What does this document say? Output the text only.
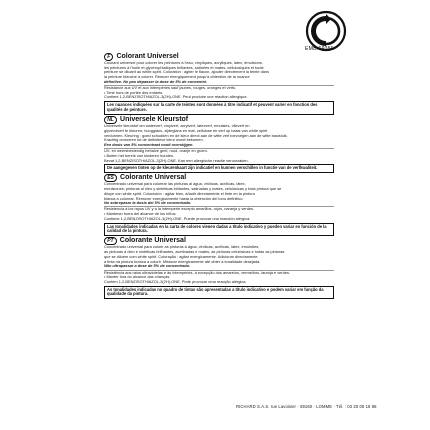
EMB.59355
F Colorant Universel

Colorant universel pour colorer les peintures à l'eau, vinyliques, acryliques, latex, émulsions,

les peintures à l'huile et glycérophtaliques brillantes, satinées et mates, cellulosiques et toute

peinture se diluant au white-spirit. Coloration : agiter le flacon, ajouter directement la teinte dans

la peinture blanche à colorer. Remuer énergiquement jusqu'à obtention de la nuance

définitive. Ne pas dépasser la dose de 5% de concentré.

Résistance aux UV et aux intempéries sauf jaunes, rouges, oranges et verts.

• Tenir hors de portée des enfants.

Contient 1,2-BENZISOTHIAZOL-3(2H)-ONE. Peut produire une réaction allergique.

Les nuances indiquées sur la carte de teintes sont données à titre indicatif et peuvent varier en fonction des qualités de peinture.
NL Universele Kleurstof

Universele kleurstof om waterverf, vinylverf, acrylverf, latexverf, emulsies, olieverf en

glycerolverf te kleuren; hoogglans, zijdeglans en mat, cellulose en verf op basis van white spirit

verdunnen. Kleuring : goed schudden en de kleur direct aan de witte verf toevoegen aan de witte basisluik.

Krachtig omroeren tot de definitieve kleur wordt bekomen.

Een dosis van 5% concentraat nooit overstijgen.

UV- en weersbestendig behalve geel, rood, oranje en groen.

• Buiten het bereik van kinderen houden.

Bevat 1,2-BENZISOTHIAZOL-3(2H)-ONE. Kan een allergische reactie veroorzaken.

De aangegeven tinten op de kleurenkaart zijn indicatief en kunnen verschillen in functie van de verfkwaliteit.
ES Colorante Universal

Concentrado universal para colorear las pinturas al agua, vinílicas, acrílicas, látex,

emulsiones; pinturas al óleo y sintéticas brillantes, satinadas y mates, celulósicas y toda pintura que se

diluye con white spirit. Coloración : agitar bien, añadir directamente el tinte en la pintura

blanca a colorear. Remover energicamente hasta la obtención del tono definitivo.

No sobrepasar la dosis del 5% de concentrado.

Resistencia a los rayos UV y a la intemperie excepto amarillos, rojos, naranja y verdes.

• Mantener fuera del alcance de los niños.

Contiene 1,2-BENZISOTHIAZOL-3(2H)-ONE. Puede provocar una reacción alérgica.

Las tonalidades indicadas en la carta de colores vienen dadas a título indicativo y pueden variar en función de la calidad de la pintura.
PT Colorante Universal

Concentrado universal para colorir as pinturas à água, vinílicas, acrílicas, látex, emulsões,

as pinturas à óleo e sintéticas brilhantes, acetinadas e mates, as pinturas celulósicas e todas as pinturas

que se diluem com white spirit. Coloração : agitar energicamente. Adicionar directamente

a tinta na pintura branca a colorir. Misturar energicamente até obter a tonalidade desejada.

Não ultrapassar a dose de 5% de concentrado.

Resistência aos raios ultravioletas e às intempéries, à excepção dos amarelos, vermelhos, laranja e verdes.

• Manter fora do alcance das crianças.

Contém 1,2-BENZISOTHIAZOL-3(2H)-ONE. Pode provocar uma reacção alérgica.

As tonalidades indicadas no quadro de tintas são apresentadas a título indicativo e podem variar em função da qualidade da pintura.
RICHARD S.A.S. rue Lavoisier · 59160 · LOMME · Tél. : 03 20 00 18 88
